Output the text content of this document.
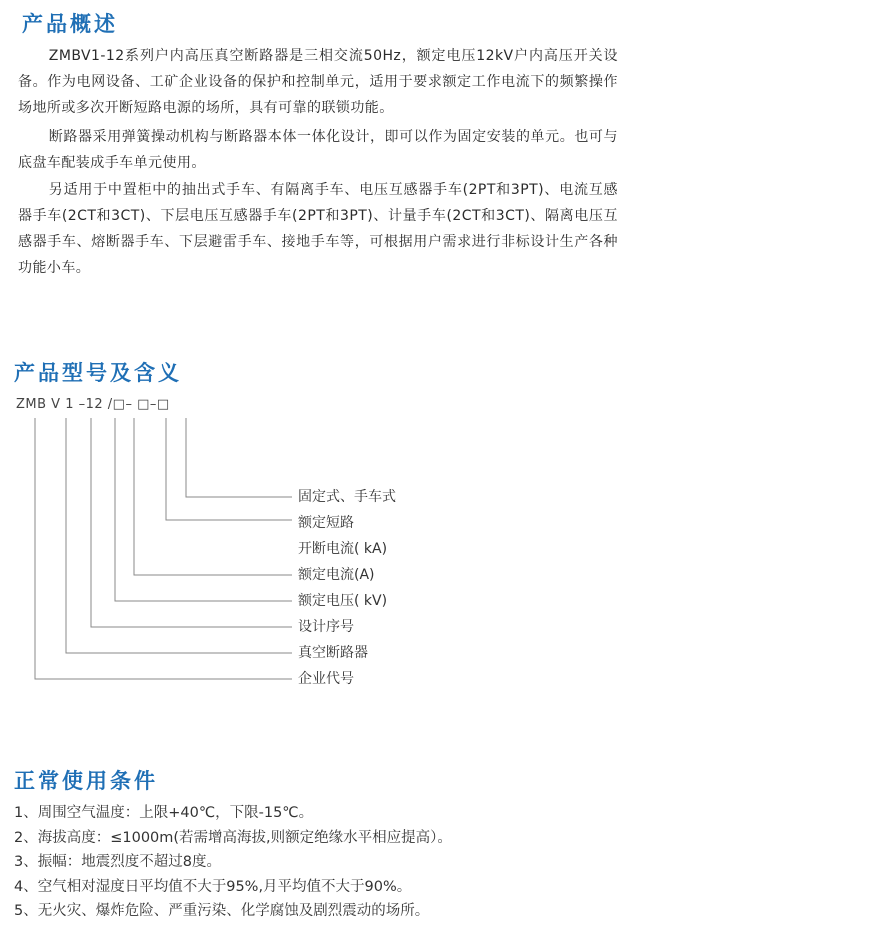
产品概述

ZMBV1-12系列户内高压真空断路器是三相交流50Hz，额定电压12kV户内高压开关设备。作为电网设备、工矿企业设备的保护和控制单元，适用于要求额定工作电流下的频繁操作场地所或多次开断短路电源的场所，具有可靠的联锁功能。

断路器采用弹簧操动机构与断路器本体一体化设计，即可以作为固定安装的单元。也可与底盘车配装成手车单元使用。

另适用于中置柜中的抽出式手车、有隔离手车、电压互感器手车(2PT和3PT)、电流互感器手车(2CT和3CT)、下层电压互感器手车(2PT和3PT)、计量手车(2CT和3CT)、隔离电压互感器手车、熔断器手车、下层避雷手车、接地手车等，可根据用户需求进行非标设计生产各种功能小车。

产品型号及含义
ZMB V 1 –12 /□– □–□
固定式、手车式
额定短路
开断电流( kA)
额定电流(A)
额定电压( kV)
设计序号
真空断路器
企业代号
正常使用条件
1、周围空气温度：上限+40℃，下限-15℃。
2、海拔高度：≤1000m(若需增高海拔,则额定绝缘水平相应提高）。
3、振幅：地震烈度不超过8度。
4、空气相对湿度日平均值不大于95%,月平均值不大于90%。
5、无火灾、爆炸危险、严重污染、化学腐蚀及剧烈震动的场所。
